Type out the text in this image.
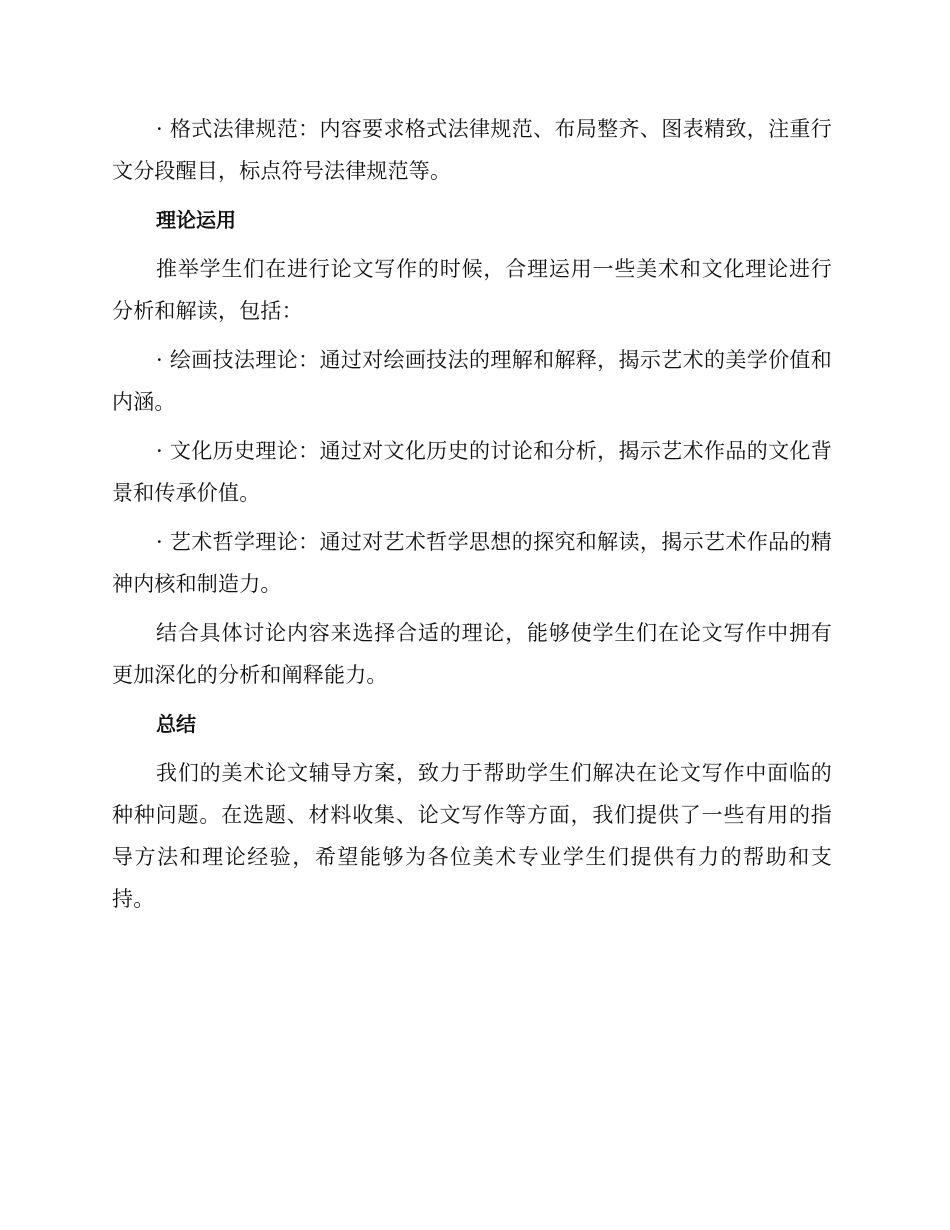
· 格式法律规范：内容要求格式法律规范、布局整齐、图表精致，注重行文分段醒目，标点符号法律规范等。

理论运用

推举学生们在进行论文写作的时候，合理运用一些美术和文化理论进行分析和解读，包括：

· 绘画技法理论：通过对绘画技法的理解和解释，揭示艺术的美学价值和内涵。

· 文化历史理论：通过对文化历史的讨论和分析，揭示艺术作品的文化背景和传承价值。

· 艺术哲学理论：通过对艺术哲学思想的探究和解读，揭示艺术作品的精神内核和制造力。

结合具体讨论内容来选择合适的理论，能够使学生们在论文写作中拥有更加深化的分析和阐释能力。

总结

我们的美术论文辅导方案，致力于帮助学生们解决在论文写作中面临的种种问题。在选题、材料收集、论文写作等方面，我们提供了一些有用的指导方法和理论经验，希望能够为各位美术专业学生们提供有力的帮助和支持。
